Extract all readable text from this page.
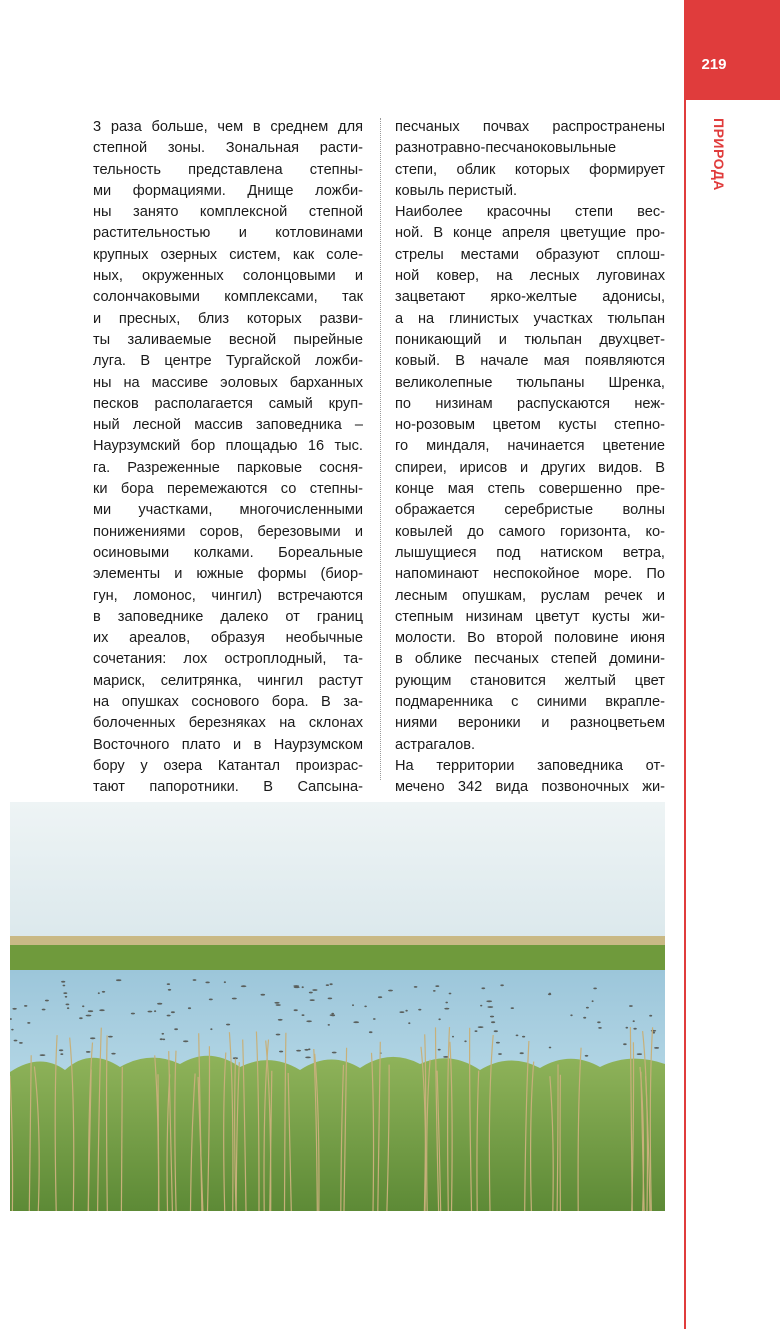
219
ПРИРОДА
3 раза больше, чем в среднем для
степной зоны. Зональная расти-
тельность представлена степны-
ми формациями. Днище ложби-
ны занято комплексной степной
растительностью и котловинами
крупных озерных систем, как соле-
ных, окруженных солонцовыми и
солончаковыми комплексами, так
и пресных, близ которых разви-
ты заливаемые весной пырейные
луга. В центре Тургайской ложби-
ны на массиве эоловых барханных
песков располагается самый круп-
ный лесной массив заповедника –
Наурзумский бор площадью 16 тыс.
га. Разреженные парковые сосня-
ки бора перемежаются со степны-
ми участками, многочисленными
понижениями соров, березовыми и
осиновыми колками. Бореальные
элементы и южные формы (биор-
гун, ломонос, чингил) встречаются
в заповеднике далеко от границ
их ареалов, образуя необычные
сочетания: лох остроплодный, та-
мариск, селитрянка, чингил растут
на опушках соснового бора. В за-
болоченных березняках на склонах
Восточного плато и в Наурзумском
бору у озера Катантал произрас-
тают папоротники. В Сапсына-
песчаных почвах распространены
разнотравно-песчаноковыльные
степи, облик которых формирует
ковыль перистый.
Наиболее красочны степи вес-
ной. В конце апреля цветущие про-
стрелы местами образуют сплош-
ной ковер, на лесных луговинах
зацветают ярко-желтые адонисы,
а на глинистых участках тюльпан
поникающий и тюльпан двухцвет-
ковый. В начале мая появляются
великолепные тюльпаны Шренка,
по низинам распускаются неж-
но-розовым цветом кусты степно-
го миндаля, начинается цветение
спиреи, ирисов и других видов. В
конце мая степь совершенно пре-
ображается серебристые волны
ковылей до самого горизонта, ко-
лышущиеся под натиском ветра,
напоминают неспокойное море. По
лесным опушкам, руслам речек и
степным низинам цветут кусты жи-
молости. Во второй половине июня
в облике песчаных степей домини-
рующим становится желтый цвет
подмаренника с синими вкрапле-
ниями вероники и разноцветьем
астрагалов.
На территории заповедника от-
мечено 342 вида позвоночных жи-
